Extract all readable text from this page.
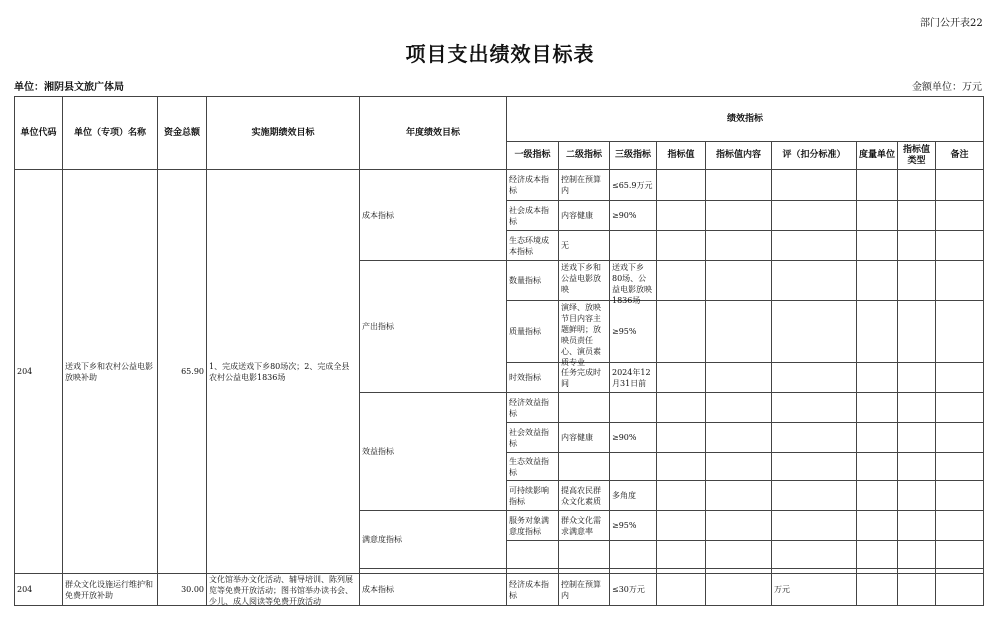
部门公开表22
项目支出绩效目标表
单位：湘阴县文旅广体局	金额单位：万元
单位代码	单位（专项）名称	资金总额	实施期绩效目标	年度绩效目标	绩效指标								
					一级指标	二级指标	三级指标	指标值	指标值内容	评（扣分标准）	度量单位	指标值类型	备注
204	送戏下乡和农村公益电影放映补助	65.90	1、完成送戏下乡80场次；2、完成全县农村公益电影1836场	成本指标	经济成本指标	控制在预算内	≤65.9万元						
					社会成本指标	内容健康	≥90%						
					生态环境成本指标	无							
				产出指标	数量指标	送戏下乡和公益电影放映	送戏下乡80场、公益电影放映1836场						

					质量指标	演绎、放映节目内容主题鲜明；放映员责任心、演员素质专业	≥95%						
					时效指标	任务完成时间	2024年12月31日前						
				效益指标	经济效益指标								
					社会效益指标	内容健康	≥90%						
					生态效益指标								
					可持续影响指标	提高农民群众文化素质	多角度						
				满意度指标	服务对象满意度指标	群众文化需求满意率	≥95%						

204	群众文化设施运行维护和免费开放补助	30.00	文化馆举办文化活动、辅导培训、陈列展览等免费开放活动；图书馆举办读书会、少儿、成人阅读等免费开放活动	成本指标	经济成本指标	控制在预算内	≤30万元			万元			
